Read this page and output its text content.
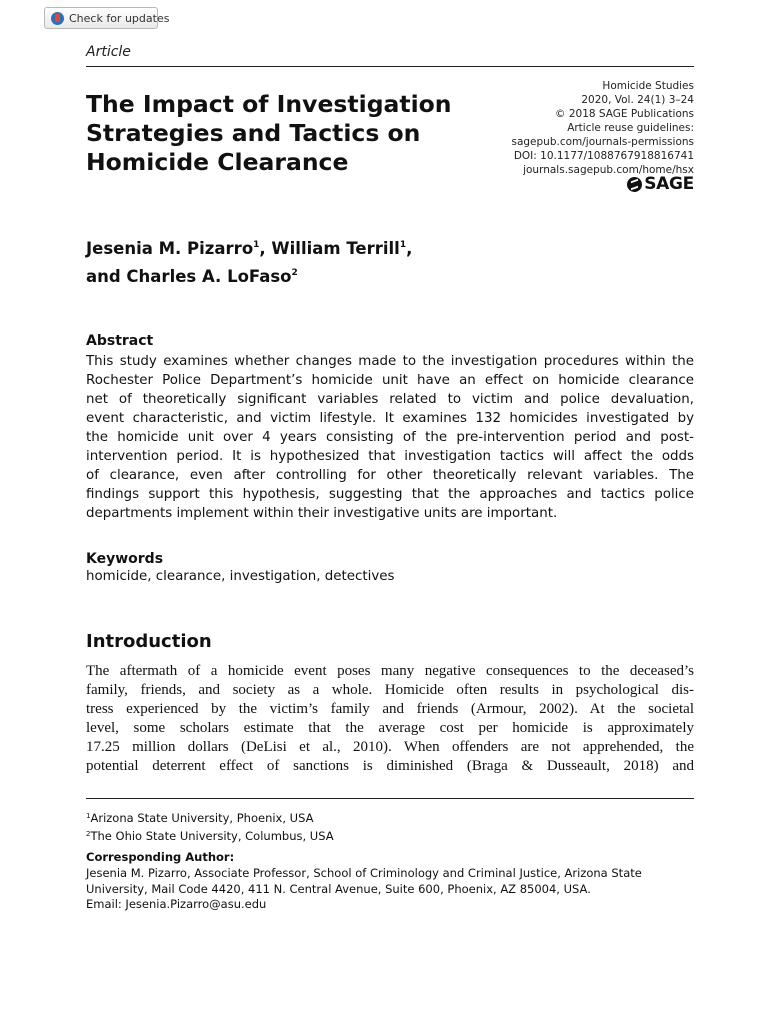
Check for updates
Article
The Impact of Investigation
Strategies and Tactics on
Homicide Clearance
Homicide Studies
2020, Vol. 24(1) 3–24
© 2018 SAGE Publications
Article reuse guidelines:
sagepub.com/journals-permissions
DOI: 10.1177/1088767918816741
journals.sagepub.com/home/hsx
SAGE
Jesenia M. Pizarro$^1$, William Terrill$^1$,
and Charles A. LoFaso$^2$
Abstract
This study examines whether changes made to the investigation procedures within the
Rochester Police Department’s homicide unit have an effect on homicide clearance
net of theoretically significant variables related to victim and police devaluation,
event characteristic, and victim lifestyle. It examines 132 homicides investigated by
the homicide unit over 4 years consisting of the pre-intervention period and post-
intervention period. It is hypothesized that investigation tactics will affect the odds
of clearance, even after controlling for other theoretically relevant variables. The
findings support this hypothesis, suggesting that the approaches and tactics police
departments implement within their investigative units are important.
Keywords
homicide, clearance, investigation, detectives
Introduction
The aftermath of a homicide event poses many negative consequences to the deceased’s
family, friends, and society as a whole. Homicide often results in psychological dis-
tress experienced by the victim’s family and friends (Armour, 2002). At the societal
level, some scholars estimate that the average cost per homicide is approximately
17.25 million dollars (DeLisi et al., 2010). When offenders are not apprehended, the
potential deterrent effect of sanctions is diminished (Braga & Dusseault, 2018) and
$^1$Arizona State University, Phoenix, USA
$^2$The Ohio State University, Columbus, USA
Corresponding Author:
Jesenia M. Pizarro, Associate Professor, School of Criminology and Criminal Justice, Arizona State
University, Mail Code 4420, 411 N. Central Avenue, Suite 600, Phoenix, AZ 85004, USA.
Email: Jesenia.Pizarro@asu.edu
